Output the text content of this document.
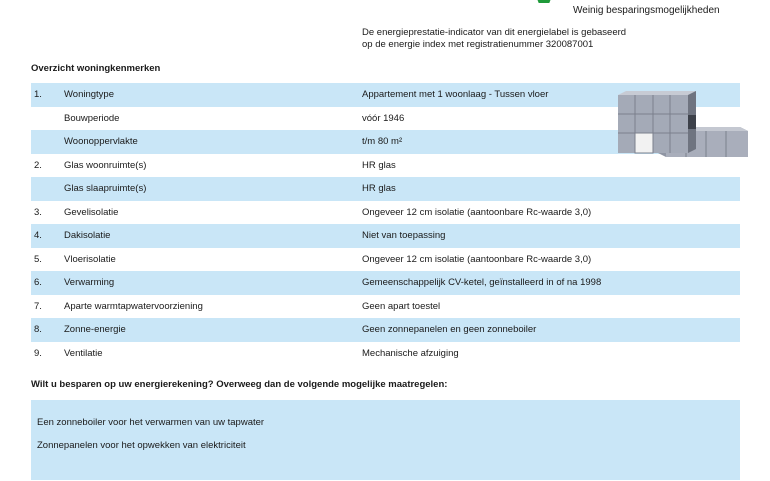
Weinig besparingsmogelijkheden
De energieprestatie-indicator van dit energielabel is gebaseerd
op de energie index met registratienummer 320087001
Overzicht woningkenmerken
1. Woningtype	Appartement met 1 woonlaag - Tussen vloer
Bouwperiode	vóór 1946
Woonoppervlakte	t/m 80 m²
2. Glas woonruimte(s)	HR glas
Glas slaapruimte(s)	HR glas
3. Gevelisolatie	Ongeveer 12 cm isolatie (aantoonbare Rc-waarde 3,0)
4. Dakisolatie	Niet van toepassing
5. Vloerisolatie	Ongeveer 12 cm isolatie (aantoonbare Rc-waarde 3,0)
6. Verwarming	Gemeenschappelijk CV-ketel, geïnstalleerd in of na 1998
7. Aparte warmtapwatervoorziening	Geen apart toestel
8. Zonne-energie	Geen zonnepanelen en geen zonneboiler
9. Ventilatie	Mechanische afzuiging
Wilt u besparen op uw energierekening? Overweeg dan de volgende mogelijke maatregelen:
Een zonneboiler voor het verwarmen van uw tapwater
Zonnepanelen voor het opwekken van elektriciteit
